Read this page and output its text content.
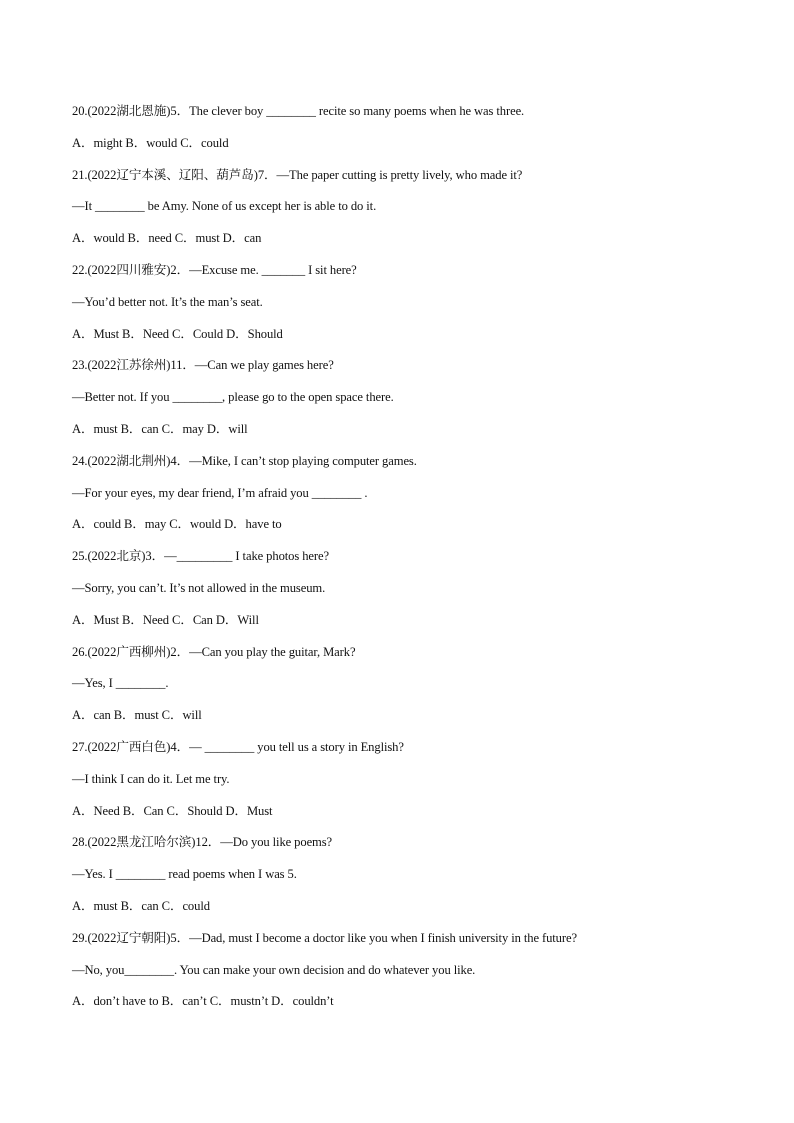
20.(2022湖北恩施)5．The clever boy ________ recite so many poems when he was three.
A．might B．would C．could
21.(2022辽宁本溪、辽阳、葫芦岛)7．—The paper cutting is pretty lively, who made it?
—It ________ be Amy. None of us except her is able to do it.
A．would B．need C．must D．can
22.(2022四川雅安)2．—Excuse me. _______ I sit here?
—You’d better not. It’s the man’s seat.
A．Must B．Need C．Could D．Should
23.(2022江苏徐州)11．—Can we play games here?
—Better not. If you ________, please go to the open space there.
A．must B．can C．may D．will
24.(2022湖北荆州)4．—Mike, I can’t stop playing computer games.
—For your eyes, my dear friend, I’m afraid you ________ .
A．could B．may C．would D．have to
25.(2022北京)3．—_________ I take photos here?
—Sorry, you can’t. It’s not allowed in the museum.
A．Must B．Need C．Can D．Will
26.(2022广西柳州)2．—Can you play the guitar, Mark?
—Yes, I ________.
A．can B．must C．will
27.(2022广西白色)4．— ________ you tell us a story in English?
—I think I can do it. Let me try.
A．Need B．Can C．Should D．Must
28.(2022黑龙江哈尔滨)12．—Do you like poems?
—Yes. I ________ read poems when I was 5.
A．must B．can C．could
29.(2022辽宁朝阳)5．—Dad, must I become a doctor like you when I finish university in the future?
—No, you________. You can make your own decision and do whatever you like.
A．don’t have to B．can’t C．mustn’t D．couldn’t
